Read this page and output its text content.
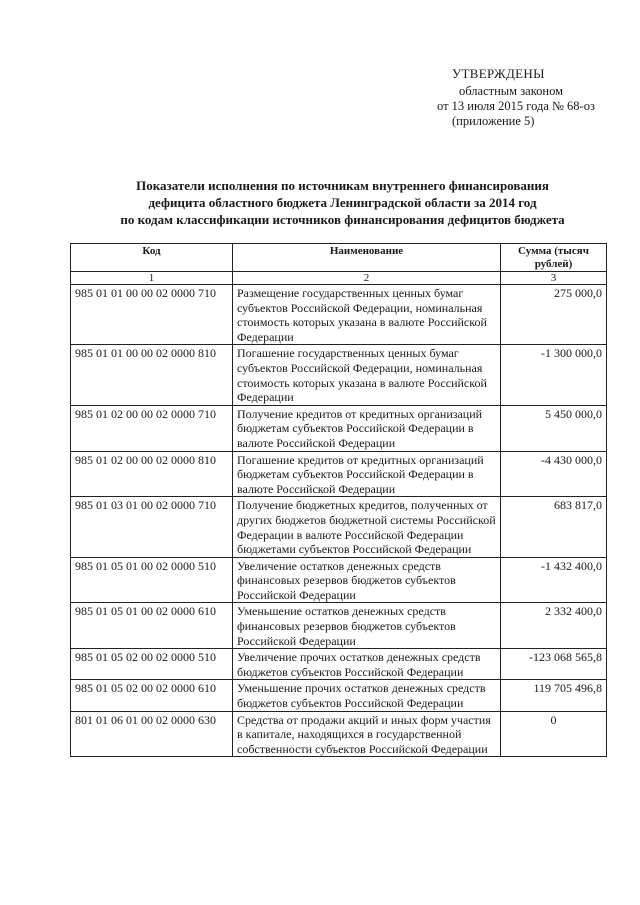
УТВЕРЖДЕНЫ
областным законом
от 13 июля 2015 года № 68-оз
(приложение 5)
Показатели исполнения по источникам внутреннего финансирования
дефицита областного бюджета Ленинградской области за 2014 год
по кодам классификации источников финансирования дефицитов бюджета
Код	Наименование	Сумма (тысяч рублей)
1	2	3
985 01 01 00 00 02 0000 710	Размещение государственных ценных бумаг субъектов Российской Федерации, номинальная стоимость которых указана в валюте Российской Федерации	275 000,0
985 01 01 00 00 02 0000 810	Погашение государственных ценных бумаг субъектов Российской Федерации, номинальная стоимость которых указана в валюте Российской Федерации	-1 300 000,0
985 01 02 00 00 02 0000 710	Получение кредитов от кредитных организаций бюджетам субъектов Российской Федерации в валюте Российской Федерации	5 450 000,0
985 01 02 00 00 02 0000 810	Погашение кредитов от кредитных организаций бюджетам субъектов Российской Федерации в валюте Российской Федерации	-4 430 000,0
985 01 03 01 00 02 0000 710	Получение бюджетных кредитов, полученных от других бюджетов бюджетной системы Российской Федерации в валюте Российской Федерации бюджетами субъектов Российской Федерации	683 817,0
985 01 05 01 00 02 0000 510	Увеличение остатков денежных средств финансовых резервов бюджетов субъектов Российской Федерации	-1 432 400,0
985 01 05 01 00 02 0000 610	Уменьшение остатков денежных средств финансовых резервов бюджетов субъектов Российской Федерации	2 332 400,0
985 01 05 02 00 02 0000 510	Увеличение прочих остатков денежных средств бюджетов субъектов Российской Федерации	-123 068 565,8
985 01 05 02 00 02 0000 610	Уменьшение прочих остатков денежных средств бюджетов субъектов Российской Федерации	119 705 496,8
801 01 06 01 00 02 0000 630	Средства от продажи акций и иных форм участия в капитале, находящихся в государственной собственности субъектов Российской Федерации	0
